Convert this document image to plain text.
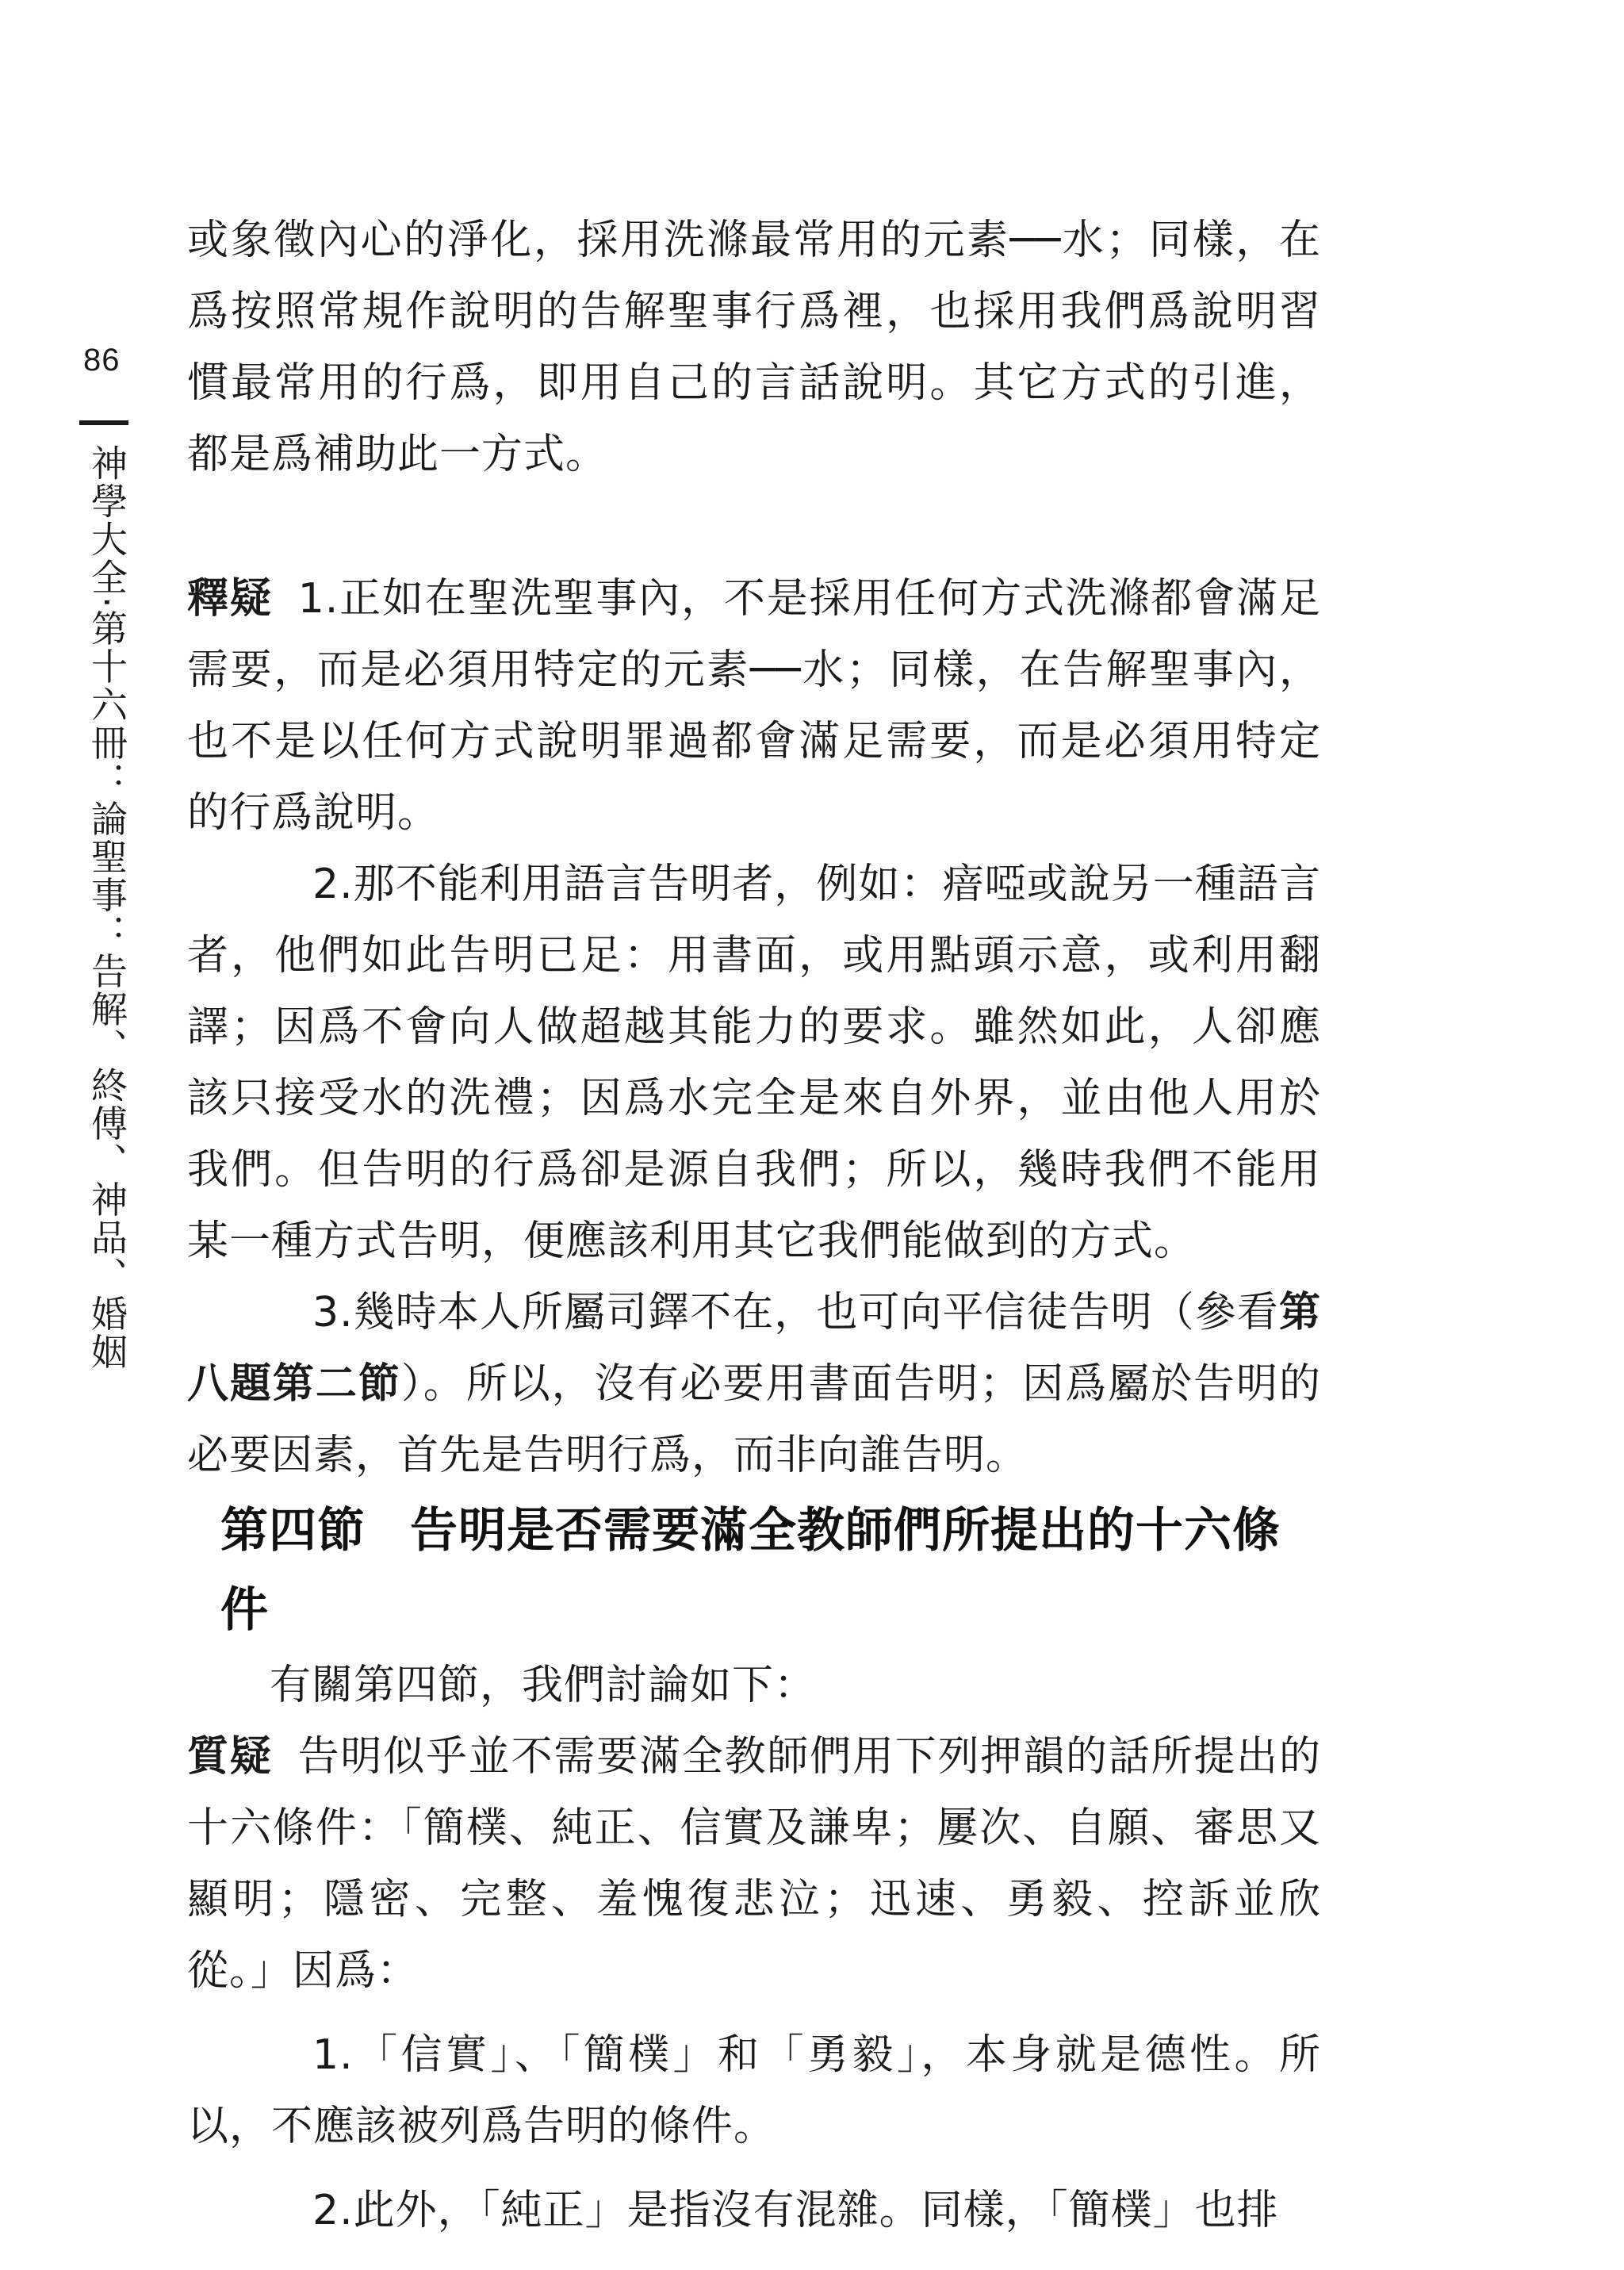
86
神學大全·第十六冊：論聖事：告解、終傅、神品、婚姻

或象徵內心的淨化，採用洗滌最常用的元素──水；同樣，在爲按照常規作說明的告解聖事行爲裡，也採用我們爲說明習慣最常用的行爲，即用自己的言話說明。其它方式的引進，都是爲補助此一方式。

釋疑 1.正如在聖洗聖事內，不是採用任何方式洗滌都會滿足需要，而是必須用特定的元素──水；同樣，在告解聖事內，也不是以任何方式說明罪過都會滿足需要，而是必須用特定的行爲說明。

2.那不能利用語言告明者，例如：瘖啞或說另一種語言者，他們如此告明已足：用書面，或用點頭示意，或利用翻譯；因爲不會向人做超越其能力的要求。雖然如此，人卻應該只接受水的洗禮；因爲水完全是來自外界，並由他人用於我們。但告明的行爲卻是源自我們；所以，幾時我們不能用某一種方式告明，便應該利用其它我們能做到的方式。

3.幾時本人所屬司鐸不在，也可向平信徒告明（參看第八題第二節）。所以，沒有必要用書面告明；因爲屬於告明的必要因素，首先是告明行爲，而非向誰告明。

第四節 告明是否需要滿全教師們所提出的十六條件

有關第四節，我們討論如下：

質疑 告明似乎並不需要滿全教師們用下列押韻的話所提出的十六條件：「簡樸、純正、信實及謙卑；屢次、自願、審思又顯明；隱密、完整、羞愧復悲泣；迅速、勇毅、控訴並欣從。」因爲：

1.「信實」、「簡樸」和「勇毅」，本身就是德性。所以，不應該被列爲告明的條件。

2.此外，「純正」是指沒有混雜。同樣，「簡樸」也排
